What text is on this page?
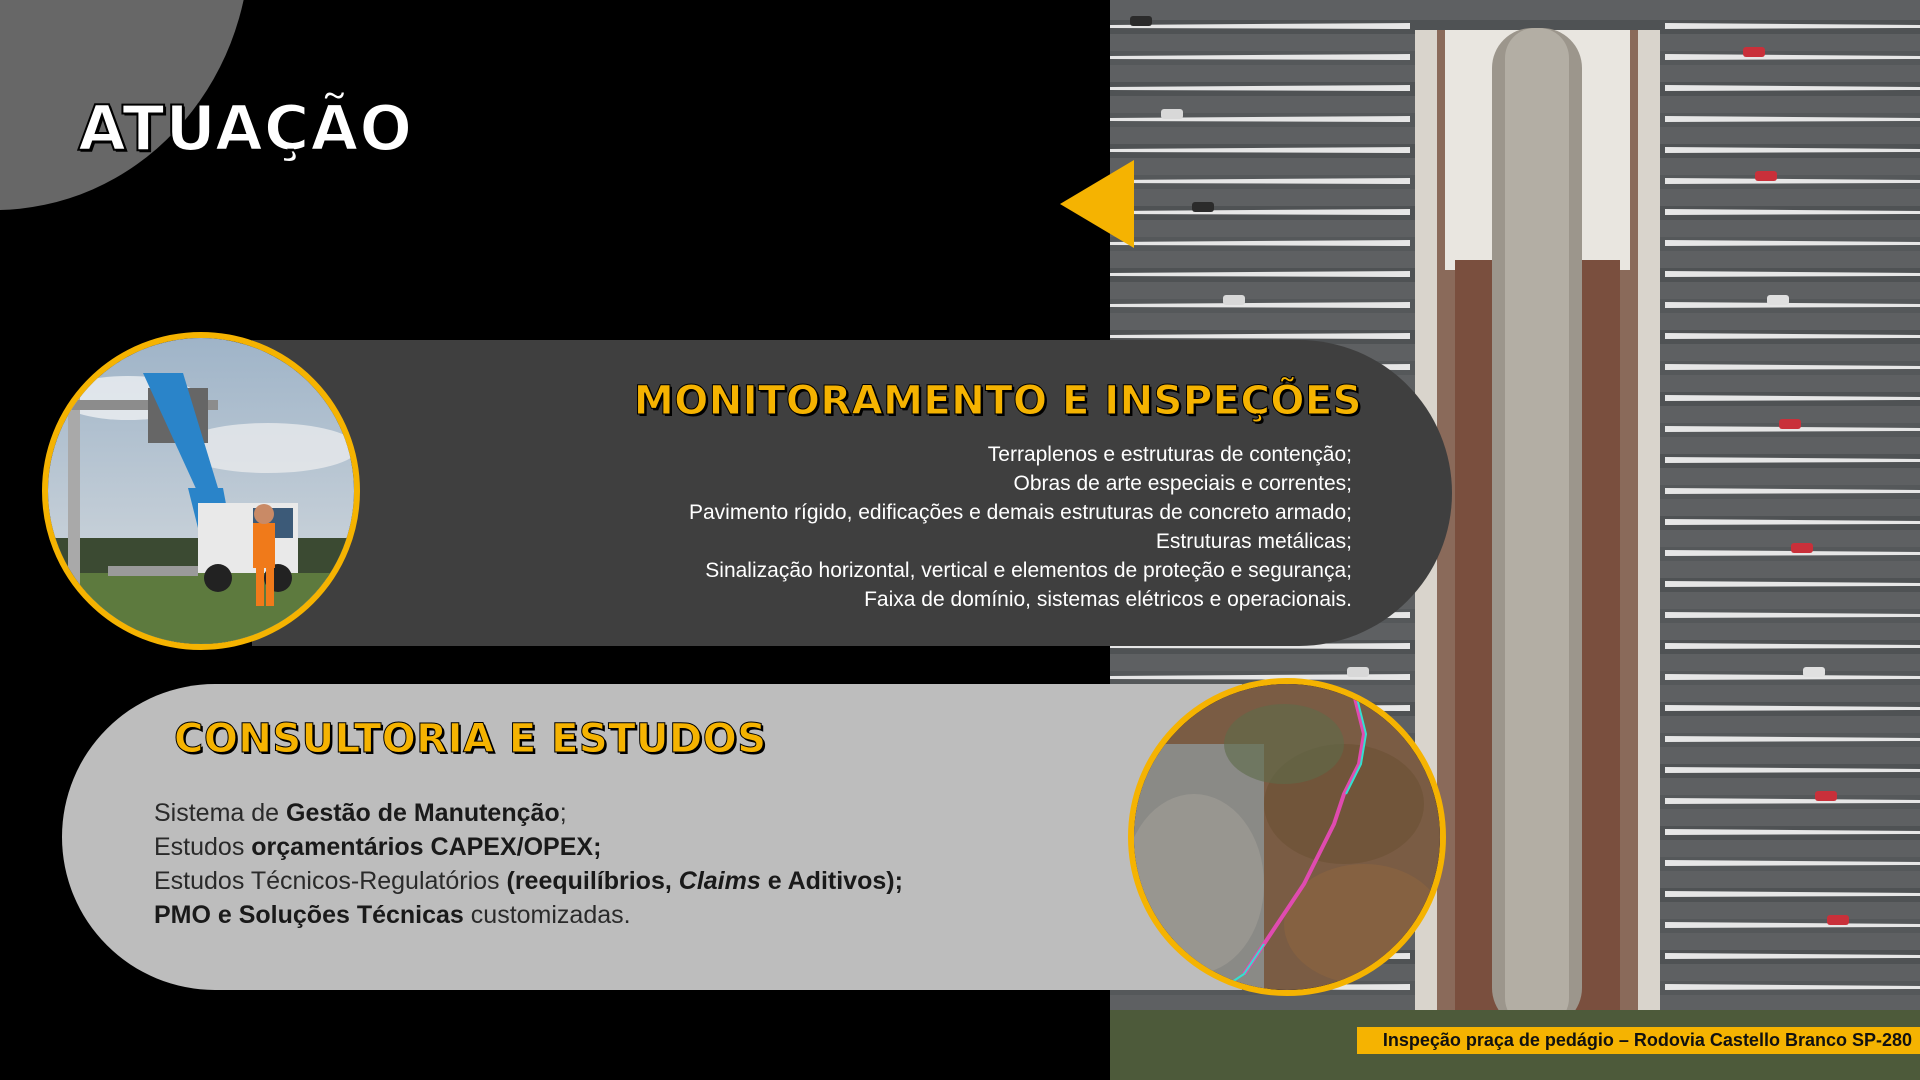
ATUAÇÃO
MONITORAMENTO E INSPEÇÕES
Terraplenos e estruturas de contenção;
Obras de arte especiais e correntes;
Pavimento rígido, edificações e demais estruturas de concreto armado;
Estruturas metálicas;
Sinalização horizontal, vertical e elementos de proteção e segurança;
Faixa de domínio, sistemas elétricos e operacionais.
CONSULTORIA E ESTUDOS
Sistema de Gestão de Manutenção;
Estudos orçamentários CAPEX/OPEX;
Estudos Técnicos-Regulatórios (reequilíbrios, Claims e Aditivos);
PMO e Soluções Técnicas customizadas.
Inspeção praça de pedágio – Rodovia Castello Branco SP-280
